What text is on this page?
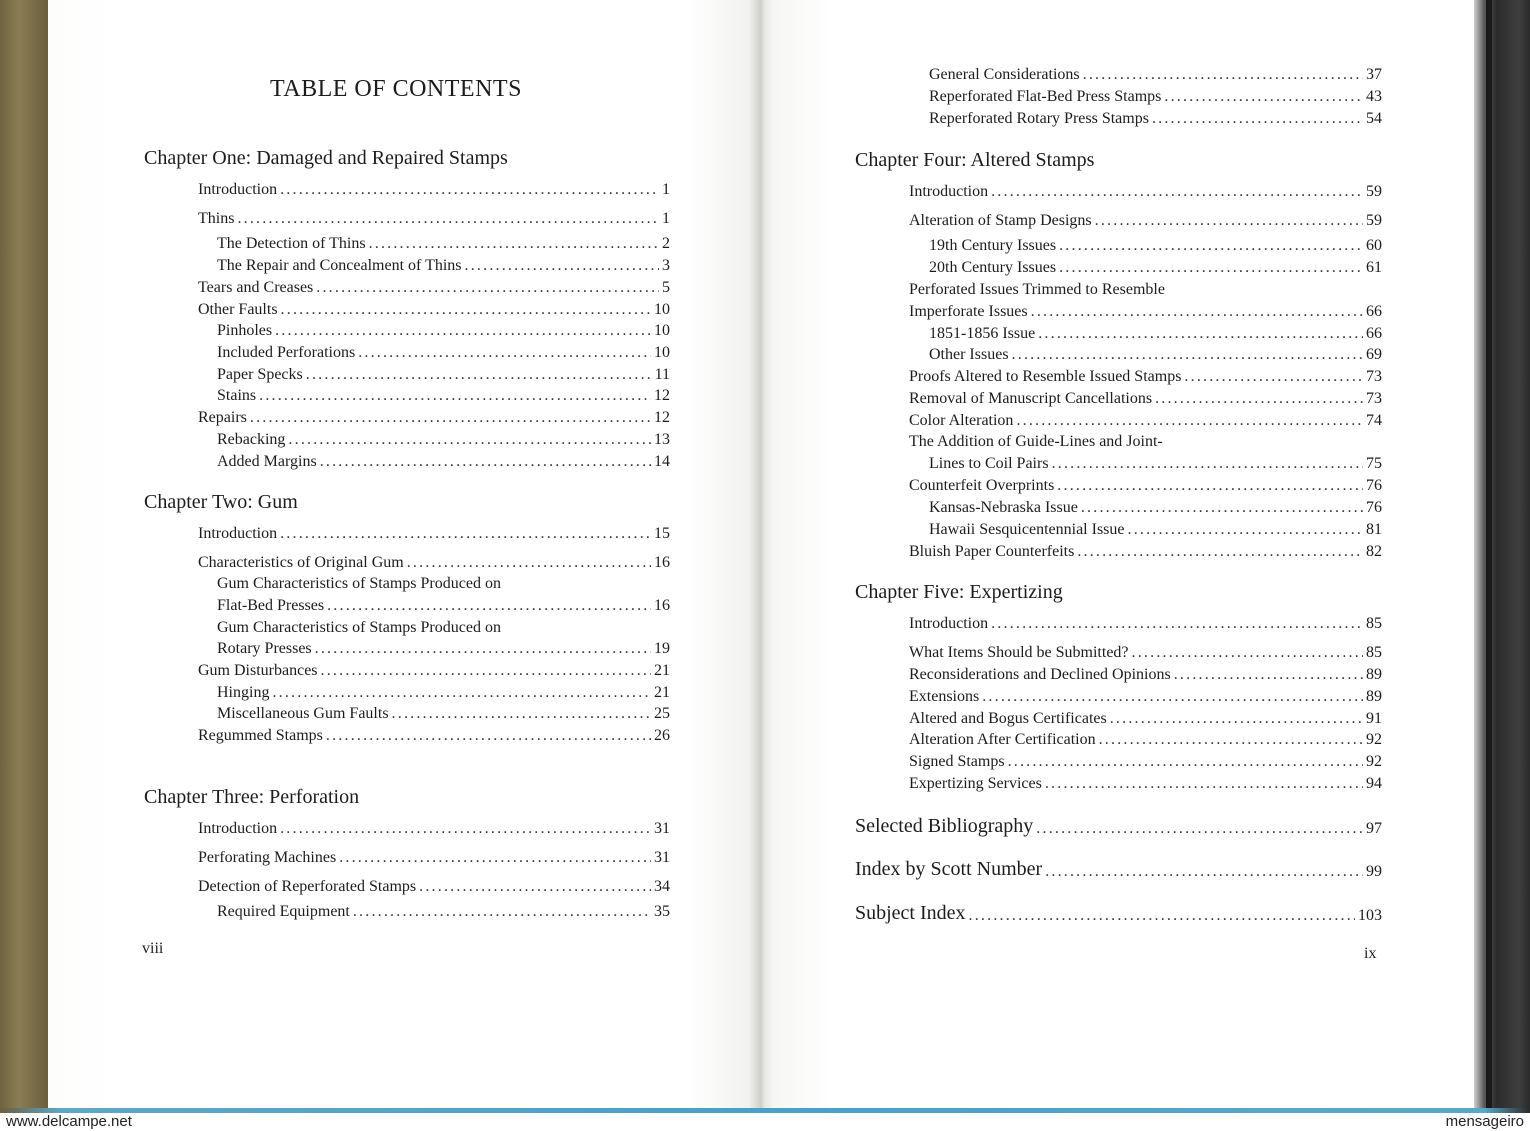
TABLE OF CONTENTS
Chapter One: Damaged and Repaired Stamps
Introduction .....	1
Thins .....	1
The Detection of Thins .....	2
The Repair and Concealment of Thins .....	3
Tears and Creases .....	5
Other Faults .....	10
Pinholes .....	10
Included Perforations .....	10
Paper Specks .....	11
Stains .....	12
Repairs .....	12
Rebacking .....	13
Added Margins .....	14
Chapter Two: Gum
Introduction .....	15
Characteristics of Original Gum .....	16
Gum Characteristics of Stamps Produced on
Flat-Bed Presses .....	16
Gum Characteristics of Stamps Produced on
Rotary Presses .....	19
Gum Disturbances .....	21
Hinging .....	21
Miscellaneous Gum Faults .....	25
Regummed Stamps .....	26
Chapter Three: Perforation
Introduction .....	31
Perforating Machines .....	31
Detection of Reperforated Stamps .....	34
Required Equipment .....	35
viii
General Considerations .....	37
Reperforated Flat-Bed Press Stamps .....	43
Reperforated Rotary Press Stamps .....	54
Chapter Four: Altered Stamps
Introduction .....	59
Alteration of Stamp Designs .....	59
19th Century Issues .....	60
20th Century Issues .....	61
Perforated Issues Trimmed to Resemble
Imperforate Issues .....	66
1851-1856 Issue .....	66
Other Issues .....	69
Proofs Altered to Resemble Issued Stamps .....	73
Removal of Manuscript Cancellations .....	73
Color Alteration .....	74
The Addition of Guide-Lines and Joint-
Lines to Coil Pairs .....	75
Counterfeit Overprints .....	76
Kansas-Nebraska Issue .....	76
Hawaii Sesquicentennial Issue .....	81
Bluish Paper Counterfeits .....	82
Chapter Five: Expertizing
Introduction .....	85
What Items Should be Submitted? .....	85
Reconsiderations and Declined Opinions .....	89
Extensions .....	89
Altered and Bogus Certificates .....	91
Alteration After Certification .....	92
Signed Stamps .....	92
Expertizing Services .....	94
Selected Bibliography .....	97
Index by Scott Number .....	99
Subject Index .....	103
ix
www.delcampe.net	mensageiro
